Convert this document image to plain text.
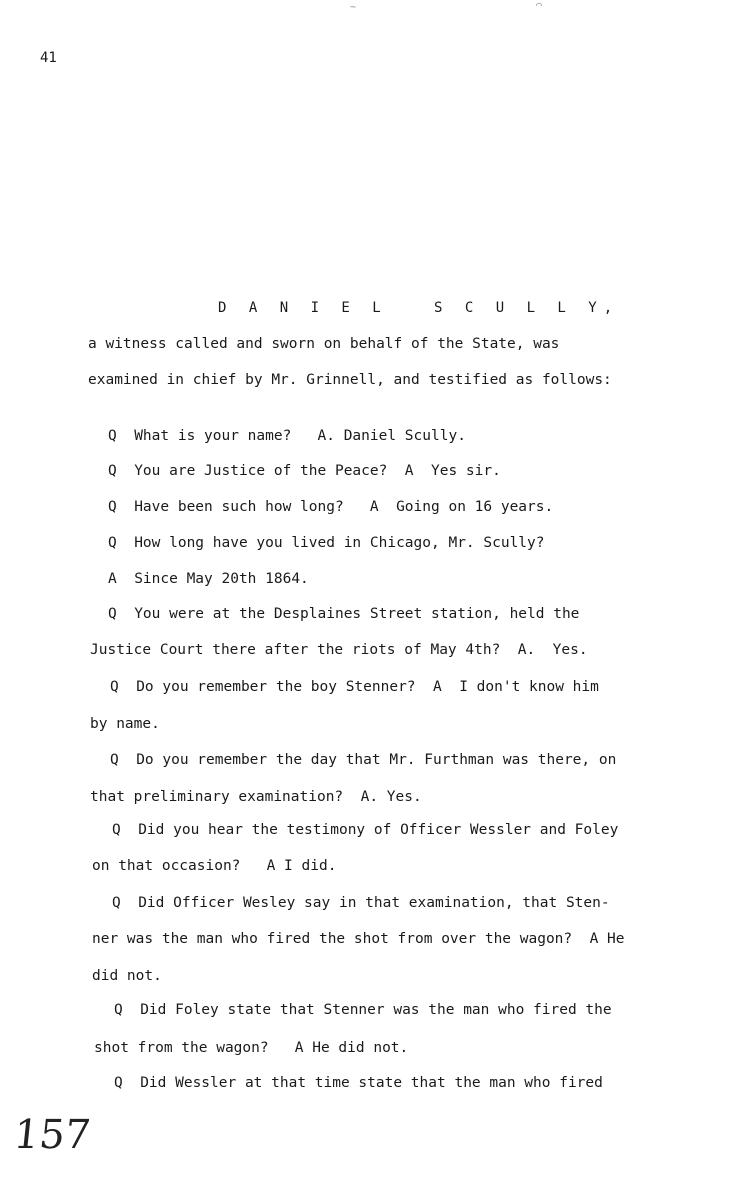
~	⌒
41
D A N I E L   S C U L L Y,
a witness called and sworn on behalf of the State, was
examined in chief by Mr. Grinnell, and testified as follows:
Q  What is your name?   A. Daniel Scully.
Q  You are Justice of the Peace?  A  Yes sir.
Q  Have been such how long?   A  Going on 16 years.
Q  How long have you lived in Chicago, Mr. Scully?
A  Since May 20th 1864.
Q  You were at the Desplaines Street station, held the
Justice Court there after the riots of May 4th?  A.  Yes.
Q  Do you remember the boy Stenner?  A  I don't know him
by name.
Q  Do you remember the day that Mr. Furthman was there, on
that preliminary examination?  A. Yes.
Q  Did you hear the testimony of Officer Wessler and Foley
on that occasion?   A I did.
Q  Did Officer Wesley say in that examination, that Sten-
ner was the man who fired the shot from over the wagon?  A He
did not.
Q  Did Foley state that Stenner was the man who fired the
shot from the wagon?   A He did not.
Q  Did Wessler at that time state that the man who fired
157
